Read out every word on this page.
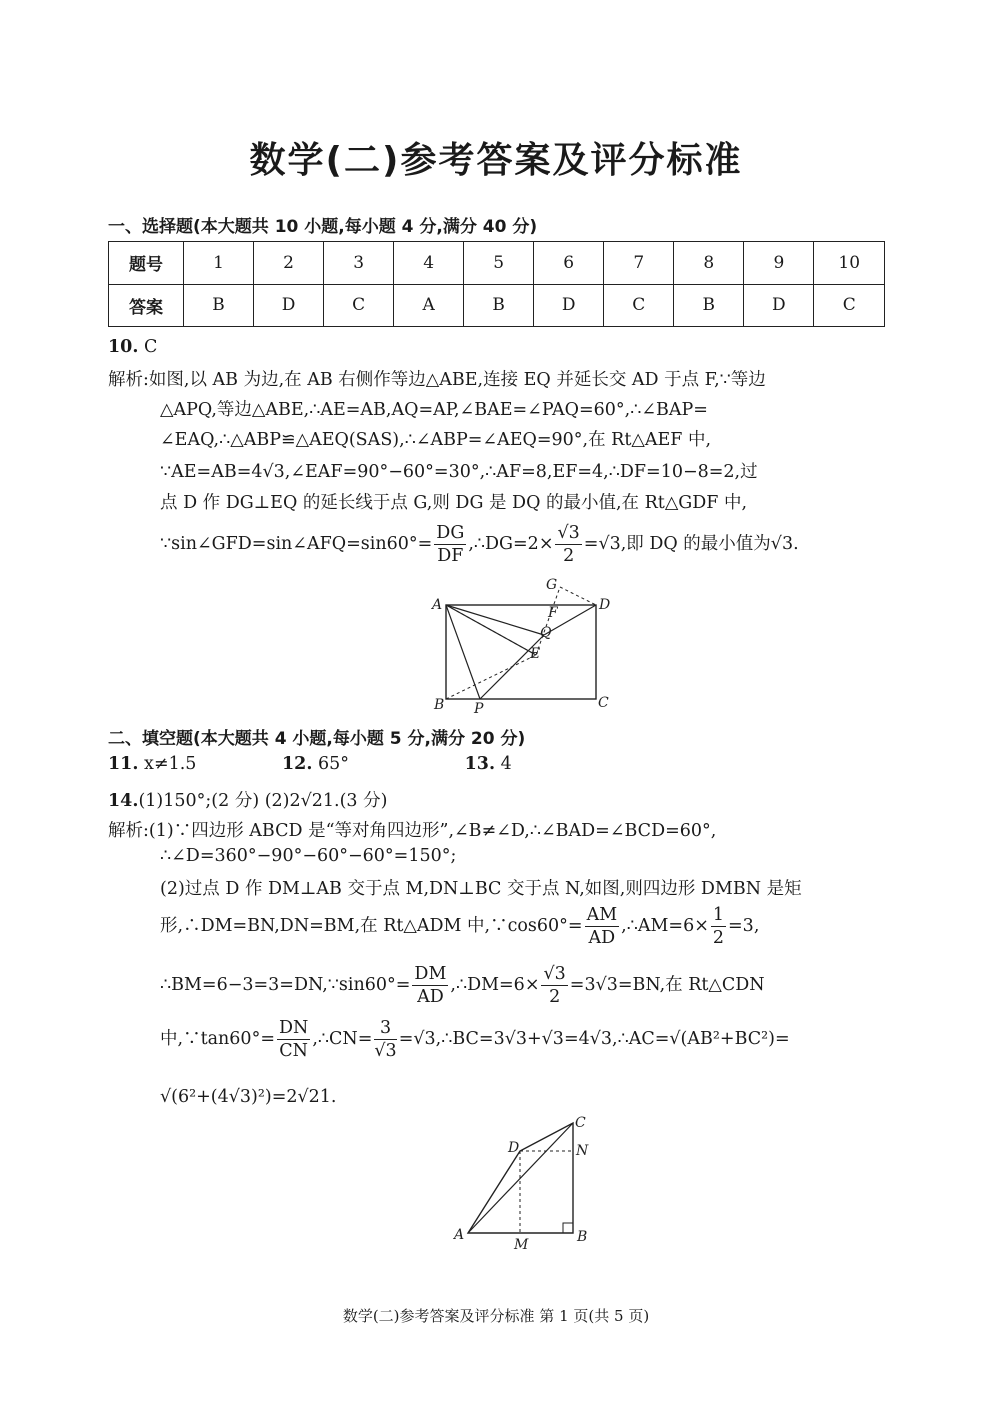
数学(二)参考答案及评分标准
一、选择题(本大题共 10 小题,每小题 4 分,满分 40 分)
题号	1	2	3	4	5	6	7	8	9	10
答案	B	D	C	A	B	D	C	B	D	C
10. C
解析:如图,以 AB 为边,在 AB 右侧作等边△ABE,连接 EQ 并延长交 AD 于点 F,∵等边
△APQ,等边△ABE,∴AE=AB,AQ=AP,∠BAE=∠PAQ=60°,∴∠BAP=
∠EAQ,∴△ABP≌△AEQ(SAS),∴∠ABP=∠AEQ=90°,在 Rt△AEF 中,
∵AE=AB=4√3,∠EAF=90°−60°=30°,∴AF=8,EF=4,∴DF=10−8=2,过
点 D 作 DG⊥EQ 的延长线于点 G,则 DG 是 DQ 的最小值,在 Rt△GDF 中,
∵sin∠GFD=sin∠AFQ=sin60°= $\frac{DG}{DF}$ ,∴DG=2× $\frac{√3}{2} =√3$,即 DQ 的最小值为√3.
A	D
B	C
P
E
Q
F
G
二、填空题(本大题共 4 小题,每小题 5 分,满分 20 分)
11. x≠1.5	12. 65°	13. 4
14.(1)150°;(2 分) (2)2√21.(3 分)
解析:(1)∵四边形 ABCD 是“等对角四边形”,∠B≠∠D,∴∠BAD=∠BCD=60°,
∴∠D=360°−90°−60°−60°=150°;
(2)过点 D 作 DM⊥AB 交于点 M,DN⊥BC 交于点 N,如图,则四边形 DMBN 是矩
形,∴DM=BN,DN=BM,在 Rt△ADM 中,∵cos60°= $\frac{AM}{AD}$ ,∴AM=6× $\frac{1}{2} =3$,
∴BM=6−3=3=DN,∵sin60°= $\frac{DM}{AD}$ ,∴DM=6× $\frac{√3}{2} =3√3=BN$,在 Rt△CDN
中,∵tan60°= $\frac{DN}{CN}$ ,∴CN= $\frac{3}{√3}$ =√3,∴BC=3√3+√3=4√3,∴AC=√(AB²+BC²)=
√(6²+(4√3)²)=2√21.
C
D	N
A
M	B
数学(二)参考答案及评分标准 第 1 页(共 5 页)
